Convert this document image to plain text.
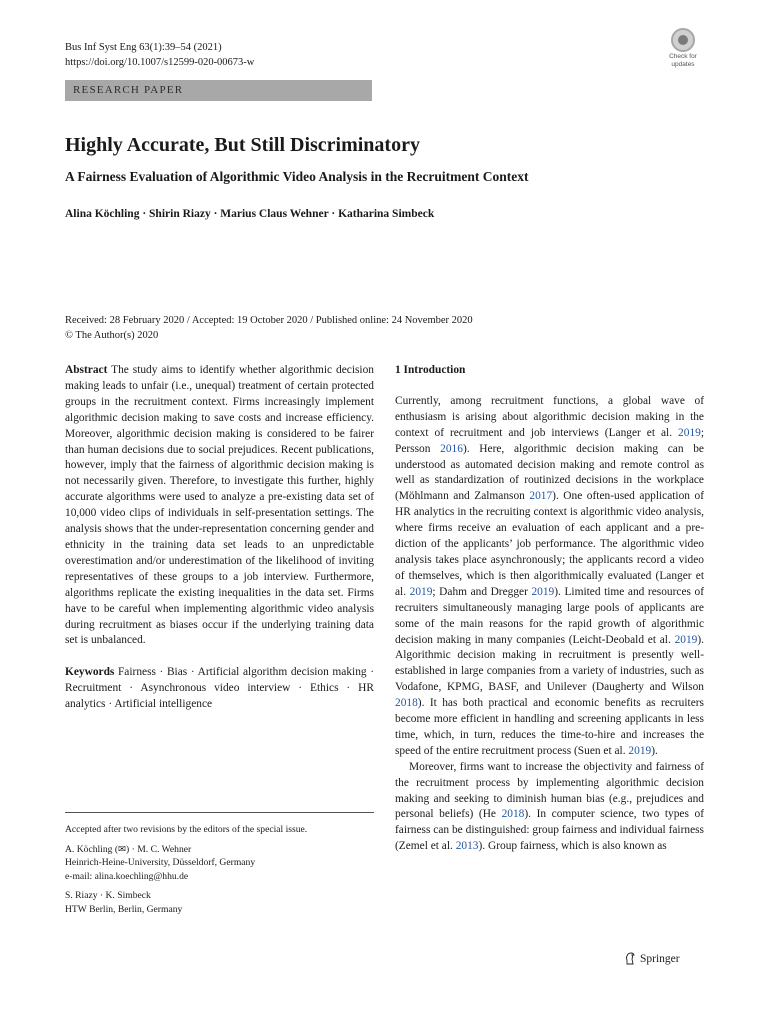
Bus Inf Syst Eng 63(1):39–54 (2021)
https://doi.org/10.1007/s12599-020-00673-w
Check for
updates
RESEARCH PAPER
Highly Accurate, But Still Discriminatory
A Fairness Evaluation of Algorithmic Video Analysis in the Recruitment Context
Alina Köchling · Shirin Riazy · Marius Claus Wehner · Katharina Simbeck
Received: 28 February 2020 / Accepted: 19 October 2020 / Published online: 24 November 2020
© The Author(s) 2020

Abstract The study aims to identify whether algorithmic decision making leads to unfair (i.e., unequal) treatment of certain protected groups in the recruitment context. Firms increasingly implement algorithmic decision making to save costs and increase efficiency. Moreover, algorithmic decision making is considered to be fairer than human decisions due to social prejudices. Recent publications, however, imply that the fairness of algorithmic decision making is not necessarily given. Therefore, to investigate this further, highly accurate algorithms were used to analyze a pre-existing data set of 10,000 video clips of individuals in self-presentation settings. The analysis shows that the under-representation concerning gender and ethnicity in the training data set leads to an unpredictable overestimation and/or underestimation of the likelihood of inviting representatives of these groups to a job interview. Furthermore, algorithms replicate the existing inequalities in the data set. Firms have to be careful when implementing algorithmic video analysis during recruitment as biases occur if the underlying training data set is unbalanced.

Keywords Fairness · Bias · Artificial algorithm decision making · Recruitment · Asynchronous video interview · Ethics · HR analytics · Artificial intelligence

Accepted after two revisions by the editors of the special issue.

A. Köchling (✉) · M. C. Wehner
Heinrich-Heine-University, Düsseldorf, Germany
e-mail: alina.koechling@hhu.de

S. Riazy · K. Simbeck
HTW Berlin, Berlin, Germany

1 Introduction

Currently, among recruitment functions, a global wave of enthusiasm is arising about algorithmic decision making in the context of recruitment and job interviews (Langer et al. 2019; Persson 2016). Here, algorithmic decision making can be understood as automated decision making and remote control as well as standardization of routinized decisions in the workplace (Möhlmann and Zalmanson 2017). One often-used application of HR analytics in the recruiting context is algorithmic video analysis, where firms receive an evaluation of each applicant and a prediction of the applicants’ job performance. The algorithmic video analysis takes place asynchronously; the applicants record a video of themselves, which is then algorithmically evaluated (Langer et al. 2019; Dahm and Dregger 2019). Limited time and resources of recruiters simultaneously managing large pools of applicants are some of the main reasons for the rapid growth of algorithmic decision making in many companies (Leicht-Deobald et al. 2019). Algorithmic decision making in recruitment is presently well-established in large companies from a variety of industries, such as Vodafone, KPMG, BASF, and Unilever (Daugherty and Wilson 2018). It has both practical and economic benefits as recruiters become more efficient in handling and screening applicants in less time, which, in turn, reduces the time-to-hire and increases the speed of the entire recruitment process (Suen et al. 2019).

Moreover, firms want to increase the objectivity and fairness of the recruitment process by implementing algorithmic decision making and seeking to diminish human bias (e.g., prejudices and personal beliefs) (He 2018). In computer science, two types of fairness can be distinguished: group fairness and individual fairness (Zemel et al. 2013). Group fairness, which is also known as

Springer
